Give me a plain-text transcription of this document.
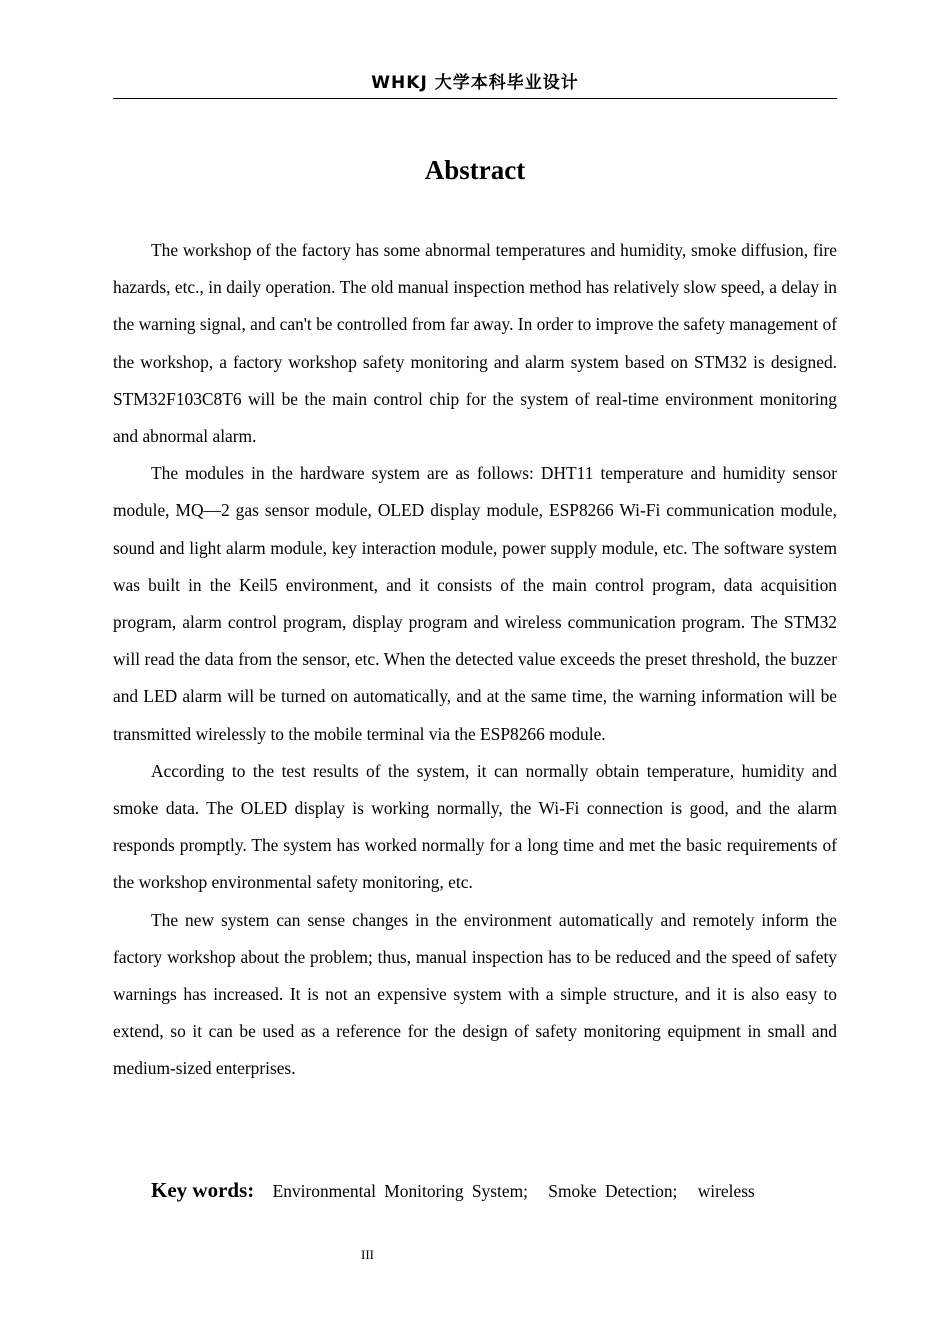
WHKJ 大学本科毕业设计
Abstract

The workshop of the factory has some abnormal temperatures and humidity, smoke diffusion, fire hazards, etc., in daily operation. The old manual inspection method has relatively slow speed, a delay in the warning signal, and can't be controlled from far away. In order to improve the safety management of the workshop, a factory workshop safety monitoring and alarm system based on STM32 is designed. STM32F103C8T6 will be the main control chip for the system of real-time environment monitoring and abnormal alarm.

The modules in the hardware system are as follows: DHT11 temperature and humidity sensor module, MQ—2 gas sensor module, OLED display module, ESP8266 Wi-Fi communication module, sound and light alarm module, key interaction module, power supply module, etc. The software system was built in the Keil5 environment, and it consists of the main control program, data acquisition program, alarm control program, display program and wireless communication program. The STM32 will read the data from the sensor, etc. When the detected value exceeds the preset threshold, the buzzer and LED alarm will be turned on automatically, and at the same time, the warning information will be transmitted wirelessly to the mobile terminal via the ESP8266 module.

According to the test results of the system, it can normally obtain temperature, humidity and smoke data. The OLED display is working normally, the Wi-Fi connection is good, and the alarm responds promptly. The system has worked normally for a long time and met the basic requirements of the workshop environmental safety monitoring, etc.

The new system can sense changes in the environment automatically and remotely inform the factory workshop about the problem; thus, manual inspection has to be reduced and the speed of safety warnings has increased. It is not an expensive system with a simple structure, and it is also easy to extend, so it can be used as a reference for the design of safety monitoring equipment in small and medium-sized enterprises.

Key words: Environmental Monitoring System; Smoke Detection; wireless
III
